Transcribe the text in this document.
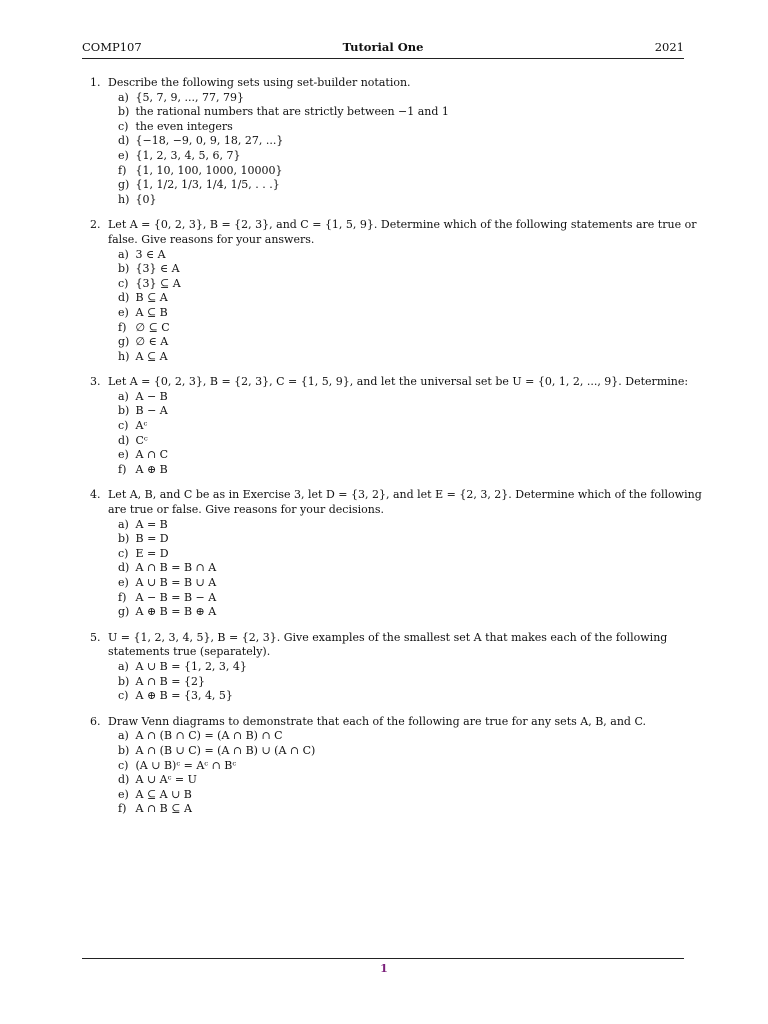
COMP107	Tutorial One	2021
1. Describe the following sets using set-builder notation.
a) {5, 7, 9, ..., 77, 79}
b) the rational numbers that are strictly between −1 and 1
c) the even integers
d) {−18, −9, 0, 9, 18, 27, ...}
e) {1, 2, 3, 4, 5, 6, 7}
f) {1, 10, 100, 1000, 10000}
g) {1, 1/2, 1/3, 1/4, 1/5, . . .}
h) {0}
2. Let A = {0, 2, 3}, B = {2, 3}, and C = {1, 5, 9}. Determine which of the following statements are true or false. Give reasons for your answers.
a) 3 ∈ A
b) {3} ∈ A
c) {3} ⊆ A
d) B ⊆ A
e) A ⊆ B
f) ∅ ⊆ C
g) ∅ ∈ A
h) A ⊆ A
3. Let A = {0, 2, 3}, B = {2, 3}, C = {1, 5, 9}, and let the universal set be U = {0, 1, 2, ..., 9}. Determine:
a) A − B
b) B − A
c) Aᶜ
d) Cᶜ
e) A ∩ C
f) A ⊕ B
4. Let A, B, and C be as in Exercise 3, let D = {3, 2}, and let E = {2, 3, 2}. Determine which of the following are true or false. Give reasons for your decisions.
a) A = B
b) B = D
c) E = D
d) A ∩ B = B ∩ A
e) A ∪ B = B ∪ A
f) A − B = B − A
g) A ⊕ B = B ⊕ A
5. U = {1, 2, 3, 4, 5}, B = {2, 3}. Give examples of the smallest set A that makes each of the following statements true (separately).
a) A ∪ B = {1, 2, 3, 4}
b) A ∩ B = {2}
c) A ⊕ B = {3, 4, 5}
6. Draw Venn diagrams to demonstrate that each of the following are true for any sets A, B, and C.
a) A ∩ (B ∩ C) = (A ∩ B) ∩ C
b) A ∩ (B ∪ C) = (A ∩ B) ∪ (A ∩ C)
c) (A ∪ B)ᶜ = Aᶜ ∩ Bᶜ
d) A ∪ Aᶜ = U
e) A ⊆ A ∪ B
f) A ∩ B ⊆ A
1
